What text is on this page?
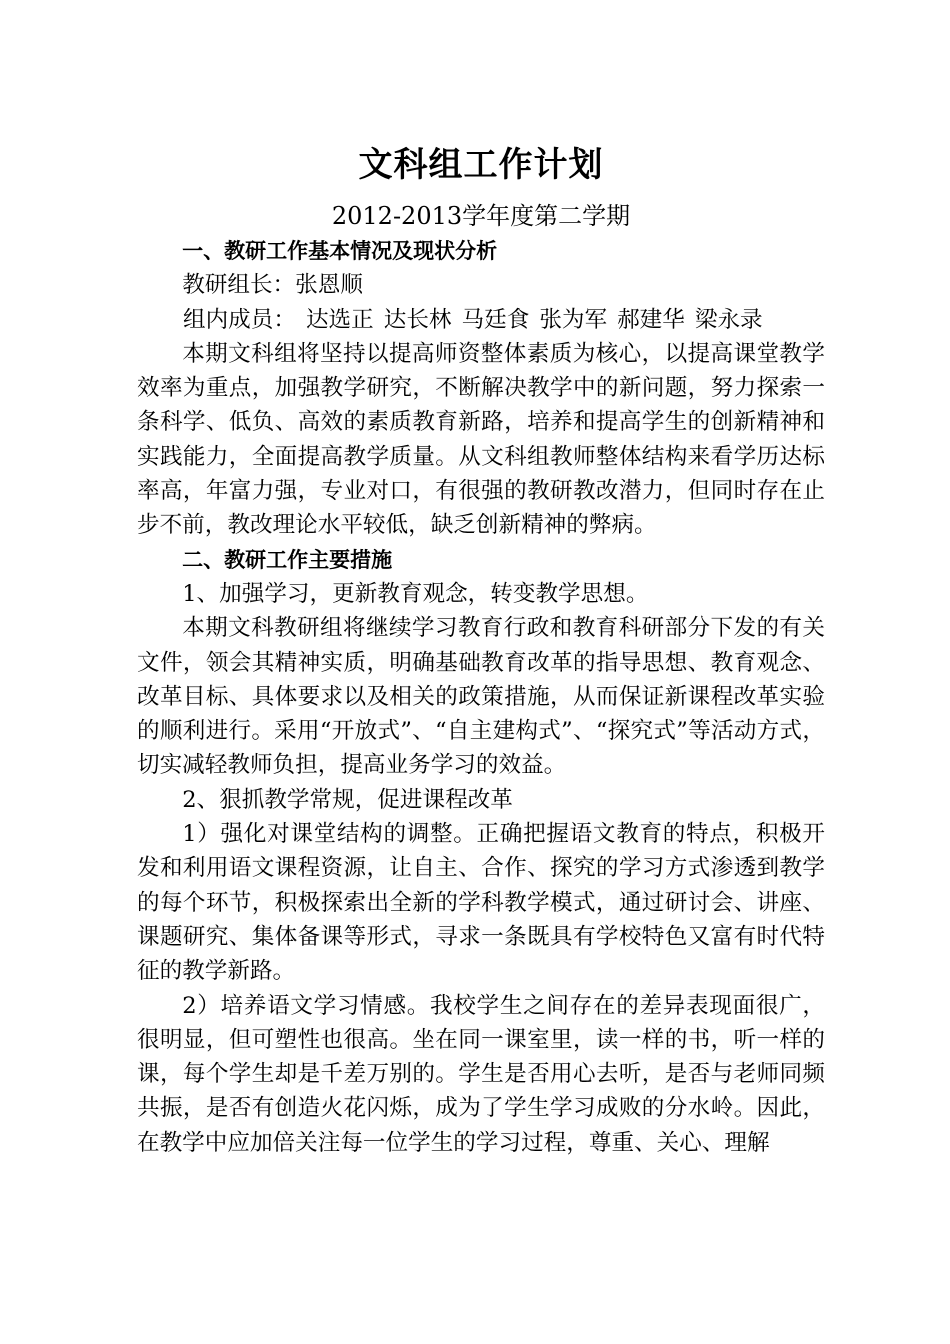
文科组工作计划
2012-2013学年度第二学期
一、教研工作基本情况及现状分析

教研组长：张恩顺

组内成员： 达选正 达长林 马廷食 张为军 郝建华 梁永录

本期文科组将坚持以提高师资整体素质为核心，以提高课堂教学效率为重点，加强教学研究，不断解决教学中的新问题，努力探索一条科学、低负、高效的素质教育新路，培养和提高学生的创新精神和实践能力，全面提高教学质量。从文科组教师整体结构来看学历达标率高，年富力强，专业对口，有很强的教研教改潜力，但同时存在止步不前，教改理论水平较低，缺乏创新精神的弊病。

二、教研工作主要措施

1、加强学习，更新教育观念，转变教学思想。

本期文科教研组将继续学习教育行政和教育科研部分下发的有关文件，领会其精神实质，明确基础教育改革的指导思想、教育观念、改革目标、具体要求以及相关的政策措施，从而保证新课程改革实验的顺利进行。采用“开放式”、“自主建构式”、“探究式”等活动方式，切实减轻教师负担，提高业务学习的效益。

2、狠抓教学常规，促进课程改革

1）强化对课堂结构的调整。正确把握语文教育的特点，积极开发和利用语文课程资源，让自主、合作、探究的学习方式渗透到教学的每个环节，积极探索出全新的学科教学模式，通过研讨会、讲座、课题研究、集体备课等形式，寻求一条既具有学校特色又富有时代特征的教学新路。

2）培养语文学习情感。我校学生之间存在的差异表现面很广，很明显，但可塑性也很高。坐在同一课室里，读一样的书，听一样的课，每个学生却是千差万别的。学生是否用心去听，是否与老师同频共振，是否有创造火花闪烁，成为了学生学习成败的分水岭。因此，在教学中应加倍关注每一位学生的学习过程，尊重、关心、理解
